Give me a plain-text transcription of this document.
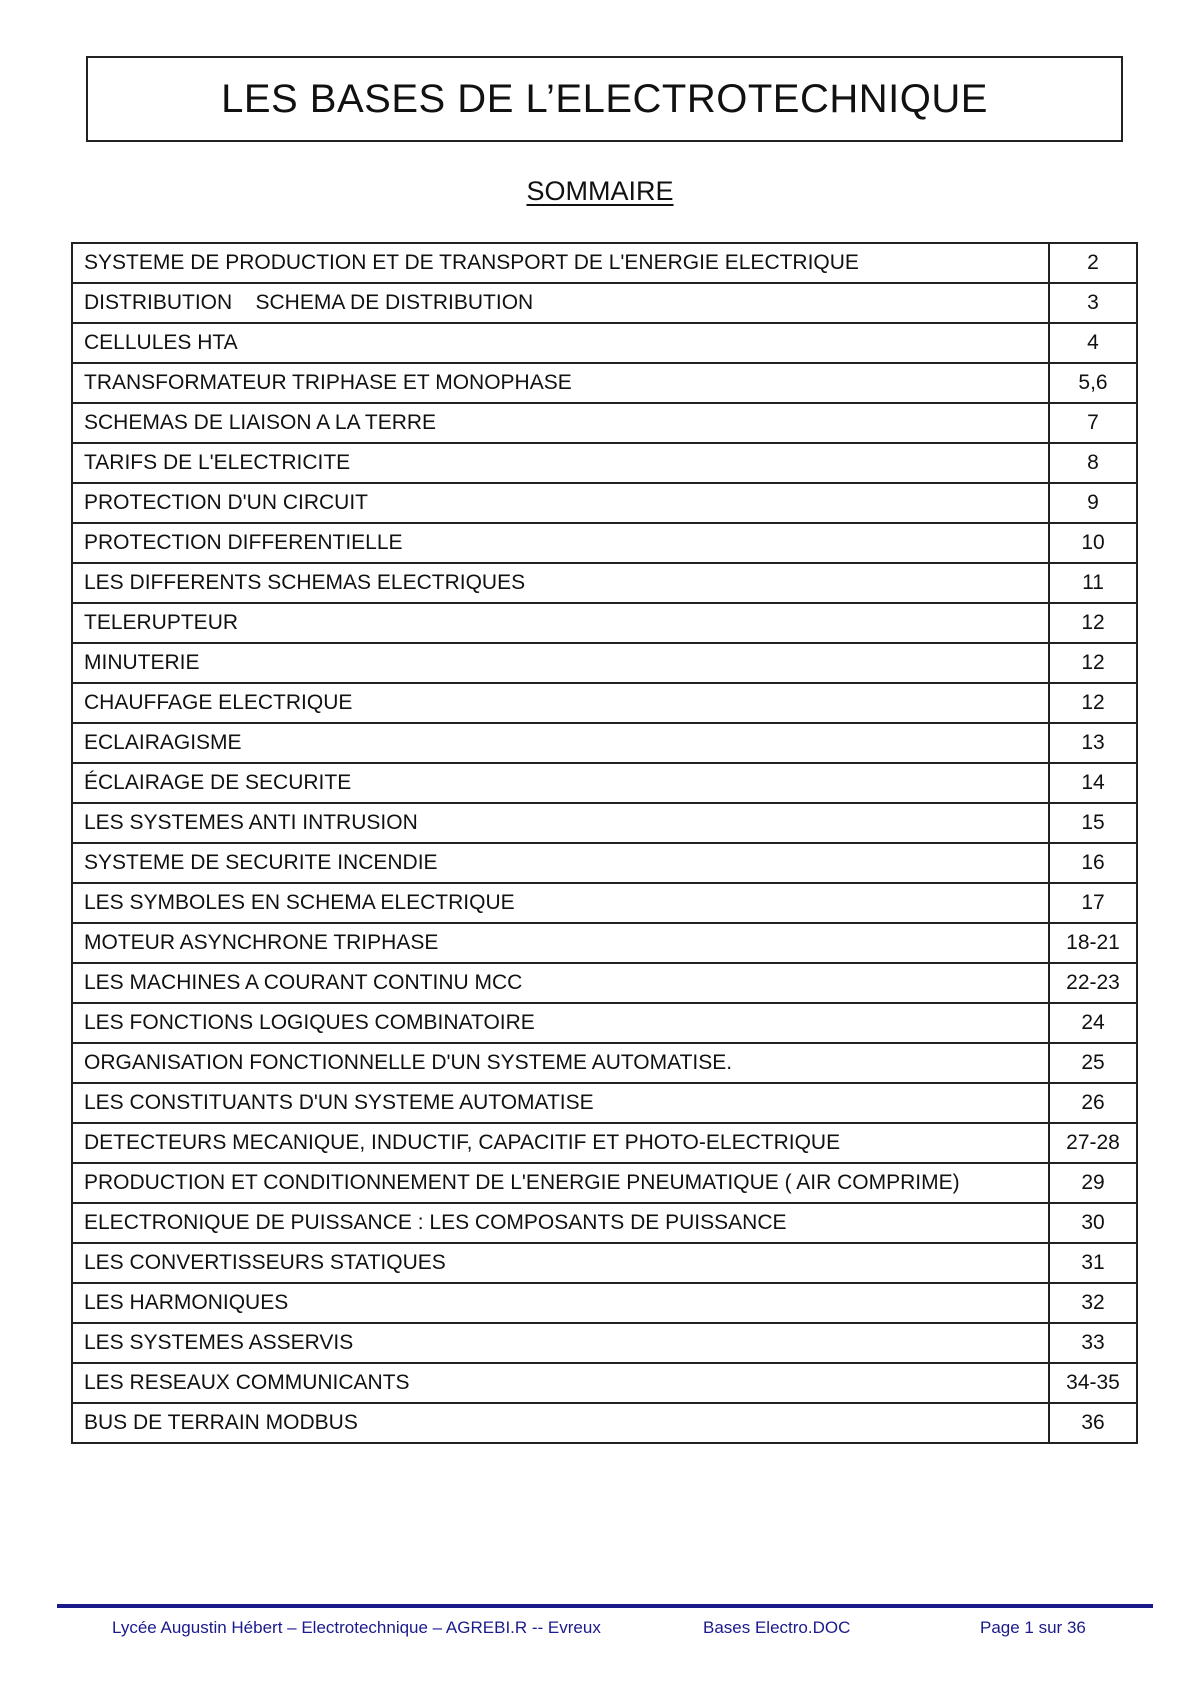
LES BASES DE L’ELECTROTECHNIQUE
SOMMAIRE
SYSTEME DE PRODUCTION ET DE TRANSPORT DE L'ENERGIE ELECTRIQUE	2
DISTRIBUTION    SCHEMA DE DISTRIBUTION	3
CELLULES HTA	4
TRANSFORMATEUR TRIPHASE ET MONOPHASE	5,6
SCHEMAS DE LIAISON A LA TERRE	7
TARIFS DE L'ELECTRICITE	8
PROTECTION D'UN CIRCUIT	9
PROTECTION DIFFERENTIELLE	10
LES DIFFERENTS SCHEMAS ELECTRIQUES	11
TELERUPTEUR	12
MINUTERIE	12
CHAUFFAGE ELECTRIQUE	12
ECLAIRAGISME	13
ÉCLAIRAGE DE SECURITE	14
LES SYSTEMES ANTI INTRUSION	15
SYSTEME DE SECURITE INCENDIE	16
LES SYMBOLES EN SCHEMA ELECTRIQUE	17
MOTEUR ASYNCHRONE TRIPHASE	18-21
LES MACHINES A COURANT CONTINU MCC	22-23
LES FONCTIONS LOGIQUES COMBINATOIRE	24
ORGANISATION FONCTIONNELLE D'UN SYSTEME AUTOMATISE.	25
LES CONSTITUANTS D'UN SYSTEME AUTOMATISE	26
DETECTEURS MECANIQUE, INDUCTIF, CAPACITIF ET PHOTO-ELECTRIQUE	27-28
PRODUCTION ET CONDITIONNEMENT DE L'ENERGIE PNEUMATIQUE ( AIR COMPRIME)	29
ELECTRONIQUE DE PUISSANCE : LES COMPOSANTS DE PUISSANCE	30
LES CONVERTISSEURS STATIQUES	31
LES HARMONIQUES	32
LES SYSTEMES ASSERVIS	33
LES RESEAUX COMMUNICANTS	34-35
BUS DE TERRAIN MODBUS	36
Lycée Augustin Hébert – Electrotechnique – AGREBI.R -- Evreux	Bases Electro.DOC	Page 1 sur 36
